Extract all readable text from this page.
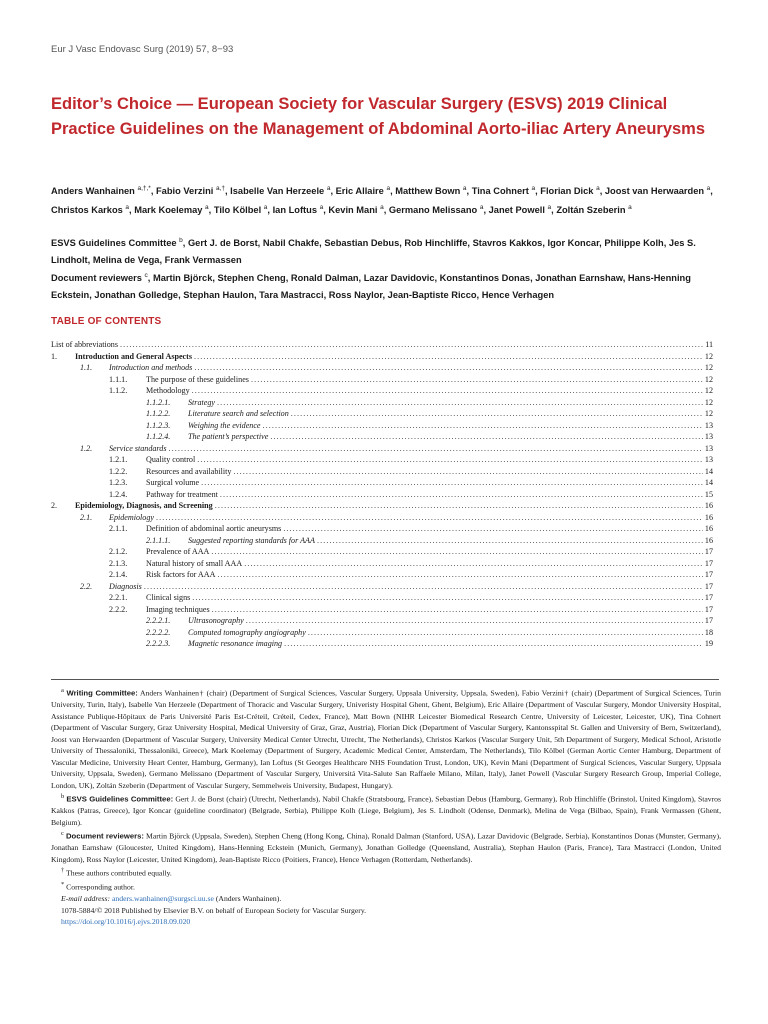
Eur J Vasc Endovasc Surg (2019) 57, 8−93
Editor’s Choice — European Society for Vascular Surgery (ESVS) 2019 Clinical Practice Guidelines on the Management of Abdominal Aorto-iliac Artery Aneurysms
Anders Wanhainen $^{a,\dagger,*}$, Fabio Verzini $^{a,\dagger}$, Isabelle Van Herzeele $^a$, Eric Allaire $^a$, Matthew Bown $^a$, Tina Cohnert $^a$, Florian Dick $^a$, Joost van Herwaarden $^a$, Christos Karkos $^a$, Mark Koelemay $^a$, Tilo Kölbel $^a$, Ian Loftus $^a$, Kevin Mani $^a$, Germano Melissano $^a$, Janet Powell $^a$, Zoltán Szeberin $^a$
ESVS Guidelines Committee $^b$, Gert J. de Borst, Nabil Chakfe, Sebastian Debus, Rob Hinchliffe, Stavros Kakkos, Igor Koncar, Philippe Kolh, Jes S. Lindholt, Melina de Vega, Frank Vermassen
Document reviewers $^c$, Martin Björck, Stephen Cheng, Ronald Dalman, Lazar Davidovic, Konstantinos Donas, Jonathan Earnshaw, Hans-Henning Eckstein, Jonathan Golledge, Stephan Haulon, Tara Mastracci, Ross Naylor, Jean-Baptiste Ricco, Hence Verhagen
TABLE OF CONTENTS
List of abbreviations .....	11
1. Introduction and General Aspects .....	12
1.1. Introduction and methods .....	12
1.1.1. The purpose of these guidelines .....	12
1.1.2. Methodology .....	12
1.1.2.1. Strategy .....	12
1.1.2.2. Literature search and selection .....	12
1.1.2.3. Weighing the evidence .....	13
1.1.2.4. The patient’s perspective .....	13
1.2. Service standards .....	13
1.2.1. Quality control .....	13
1.2.2. Resources and availability .....	14
1.2.3. Surgical volume .....	14
1.2.4. Pathway for treatment .....	15
2. Epidemiology, Diagnosis, and Screening .....	16
2.1. Epidemiology .....	16
2.1.1. Definition of abdominal aortic aneurysms .....	16
2.1.1.1. Suggested reporting standards for AAA .....	16
2.1.2. Prevalence of AAA .....	17
2.1.3. Natural history of small AAA .....	17
2.1.4. Risk factors for AAA .....	17
2.2. Diagnosis .....	17
2.2.1. Clinical signs .....	17
2.2.2. Imaging techniques .....	17
2.2.2.1. Ultrasonography .....	17
2.2.2.2. Computed tomography angiography .....	18
2.2.2.3. Magnetic resonance imaging .....	19

$^a$ Writing Committee: Anders Wanhainen† (chair) (Department of Surgical Sciences, Vascular Surgery, Uppsala University, Uppsala, Sweden), Fabio Verzini† (chair) (Department of Surgical Sciences, Turin University, Turin, Italy), Isabelle Van Herzeele (Department of Thoracic and Vascular Surgery, Univeristy Hospital Ghent, Ghent, Belgium), Eric Allaire (Department of Vascular Surgery, Mondor University Hospital, Assistance Publique-Hôpitaux de Paris Université Paris Est-Créteil, Créteil, Cedex, France), Matt Bown (NIHR Leicester Biomedical Research Centre, University of Leicester, Leicester, UK), Tina Cohnert (Department of Vascular Surgery, Graz University Hospital, Medical University of Graz, Graz, Austria), Florian Dick (Department of Vascular Surgery, Kantonsspital St. Gallen and University of Bern, Switzerland), Joost van Herwaarden (Department of Vascular Surgery, University Medical Center Utrecht, Utrecht, The Netherlands), Christos Karkos (Vascular Surgery Unit, 5th Department of Surgery, Medical School, Aristotle University of Thessaloniki, Thessaloniki, Greece), Mark Koelemay (Department of Surgery, Academic Medical Center, Amsterdam, The Netherlands), Tilo Kölbel (German Aortic Center Hamburg, Department of Vascular Medicine, University Heart Center, Hamburg, Germany), Ian Loftus (St Georges Healthcare NHS Foundation Trust, London, UK), Kevin Mani (Department of Surgical Sciences, Vascular Surgery, Uppsala University, Uppsala, Sweden), Germano Melissano (Department of Vascular Surgery, Universitá Vita-Salute San Raffaele Milano, Milan, Italy), Janet Powell (Vascular Surgery Research Group, Imperial College, London, UK), Zoltán Szeberin (Department of Vascular Surgery, Semmelweis University, Budapest, Hungary).

$^b$ ESVS Guidelines Committee: Gert J. de Borst (chair) (Utrecht, Netherlands), Nabil Chakfe (Stratsbourg, France), Sebastian Debus (Hamburg, Germany), Rob Hinchliffe (Brinstol, United Kingdom), Stavros Kakkos (Patras, Greece), Igor Koncar (guideline coordinator) (Belgrade, Serbia), Philippe Kolh (Liege, Belgium), Jes S. Lindholt (Odense, Denmark), Melina de Vega (Bilbao, Spain), Frank Vermassen (Ghent, Belgium).

$^c$ Document reviewers: Martin Björck (Uppsala, Sweden), Stephen Cheng (Hong Kong, China), Ronald Dalman (Stanford, USA), Lazar Davidovic (Belgrade, Serbia), Konstantinos Donas (Munster, Germany), Jonathan Earnshaw (Gloucester, United Kingdom), Hans-Henning Eckstein (Munich, Germany), Jonathan Golledge (Queensland, Australia), Stephan Haulon (Paris, France), Tara Mastracci (London, United Kingdom), Ross Naylor (Leicester, United Kingdom), Jean-Baptiste Ricco (Poitiers, France), Hence Verhagen (Rotterdam, Netherlands).

† These authors contributed equally.

* Corresponding author.

E-mail address: anders.wanhainen@surgsci.uu.se (Anders Wanhainen).

1078-5884/© 2018 Published by Elsevier B.V. on behalf of European Society for Vascular Surgery.

https://doi.org/10.1016/j.ejvs.2018.09.020
